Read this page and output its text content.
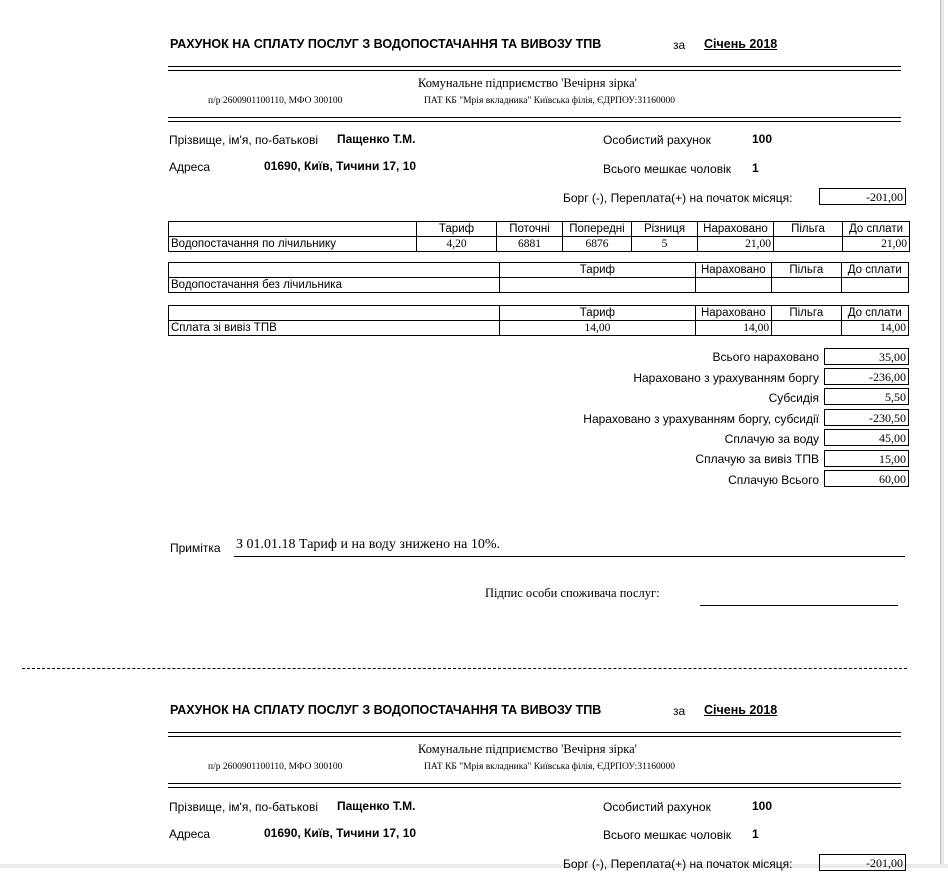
РАХУНОК НА СПЛАТУ ПОСЛУГ З ВОДОПОСТАЧАННЯ ТА ВИВОЗУ ТПВ	за Січень 2018
Комунальне підприємство 'Вечірня зірка'
п/р 2600901100110, МФО 300100	ПАТ КБ "Мрія вкладника" Київська філія, ЄДРПОУ:31160000
Прізвище, ім'я, по-батькові Пащенко Т.М.	Особистий рахунок	100
Адреса	01690, Київ, Тичини 17, 10	Всього мешкає чоловік 1
Борг (-), Переплата(+) на початок місяця:	-201,00
	Тариф	Поточні	Попередні	Різниця	Нараховано	Пільга	До сплати
Водопостачання по лічильнику	4,20	6881	6876	5	21,00		21,00
	Тариф	Нараховано	Пільга	До сплати
Водопостачання без лічильника				
	Тариф	Нараховано	Пільга	До сплати
Сплата зі вивіз ТПВ	14,00	14,00		14,00
Всього нараховано	35,00
Нараховано з урахуванням боргу	-236,00
Субсидія	5,50
Нараховано з урахуванням боргу, субсидії	-230,50
Сплачую за воду	45,00
Сплачую за вивіз ТПВ	15,00
Сплачую Всього	60,00
Примітка З 01.01.18 Тариф и на воду знижено на 10%.
Підпис особи споживача послуг:
РАХУНОК НА СПЛАТУ ПОСЛУГ З ВОДОПОСТАЧАННЯ ТА ВИВОЗУ ТПВ	за Січень 2018
Комунальне підприємство 'Вечірня зірка'
п/р 2600901100110, МФО 300100	ПАТ КБ "Мрія вкладника" Київська філія, ЄДРПОУ:31160000
Прізвище, ім'я, по-батькові Пащенко Т.М.	Особистий рахунок	100
Адреса	01690, Київ, Тичини 17, 10	Всього мешкає чоловік 1
Борг (-), Переплата(+) на початок місяця:	-201,00
